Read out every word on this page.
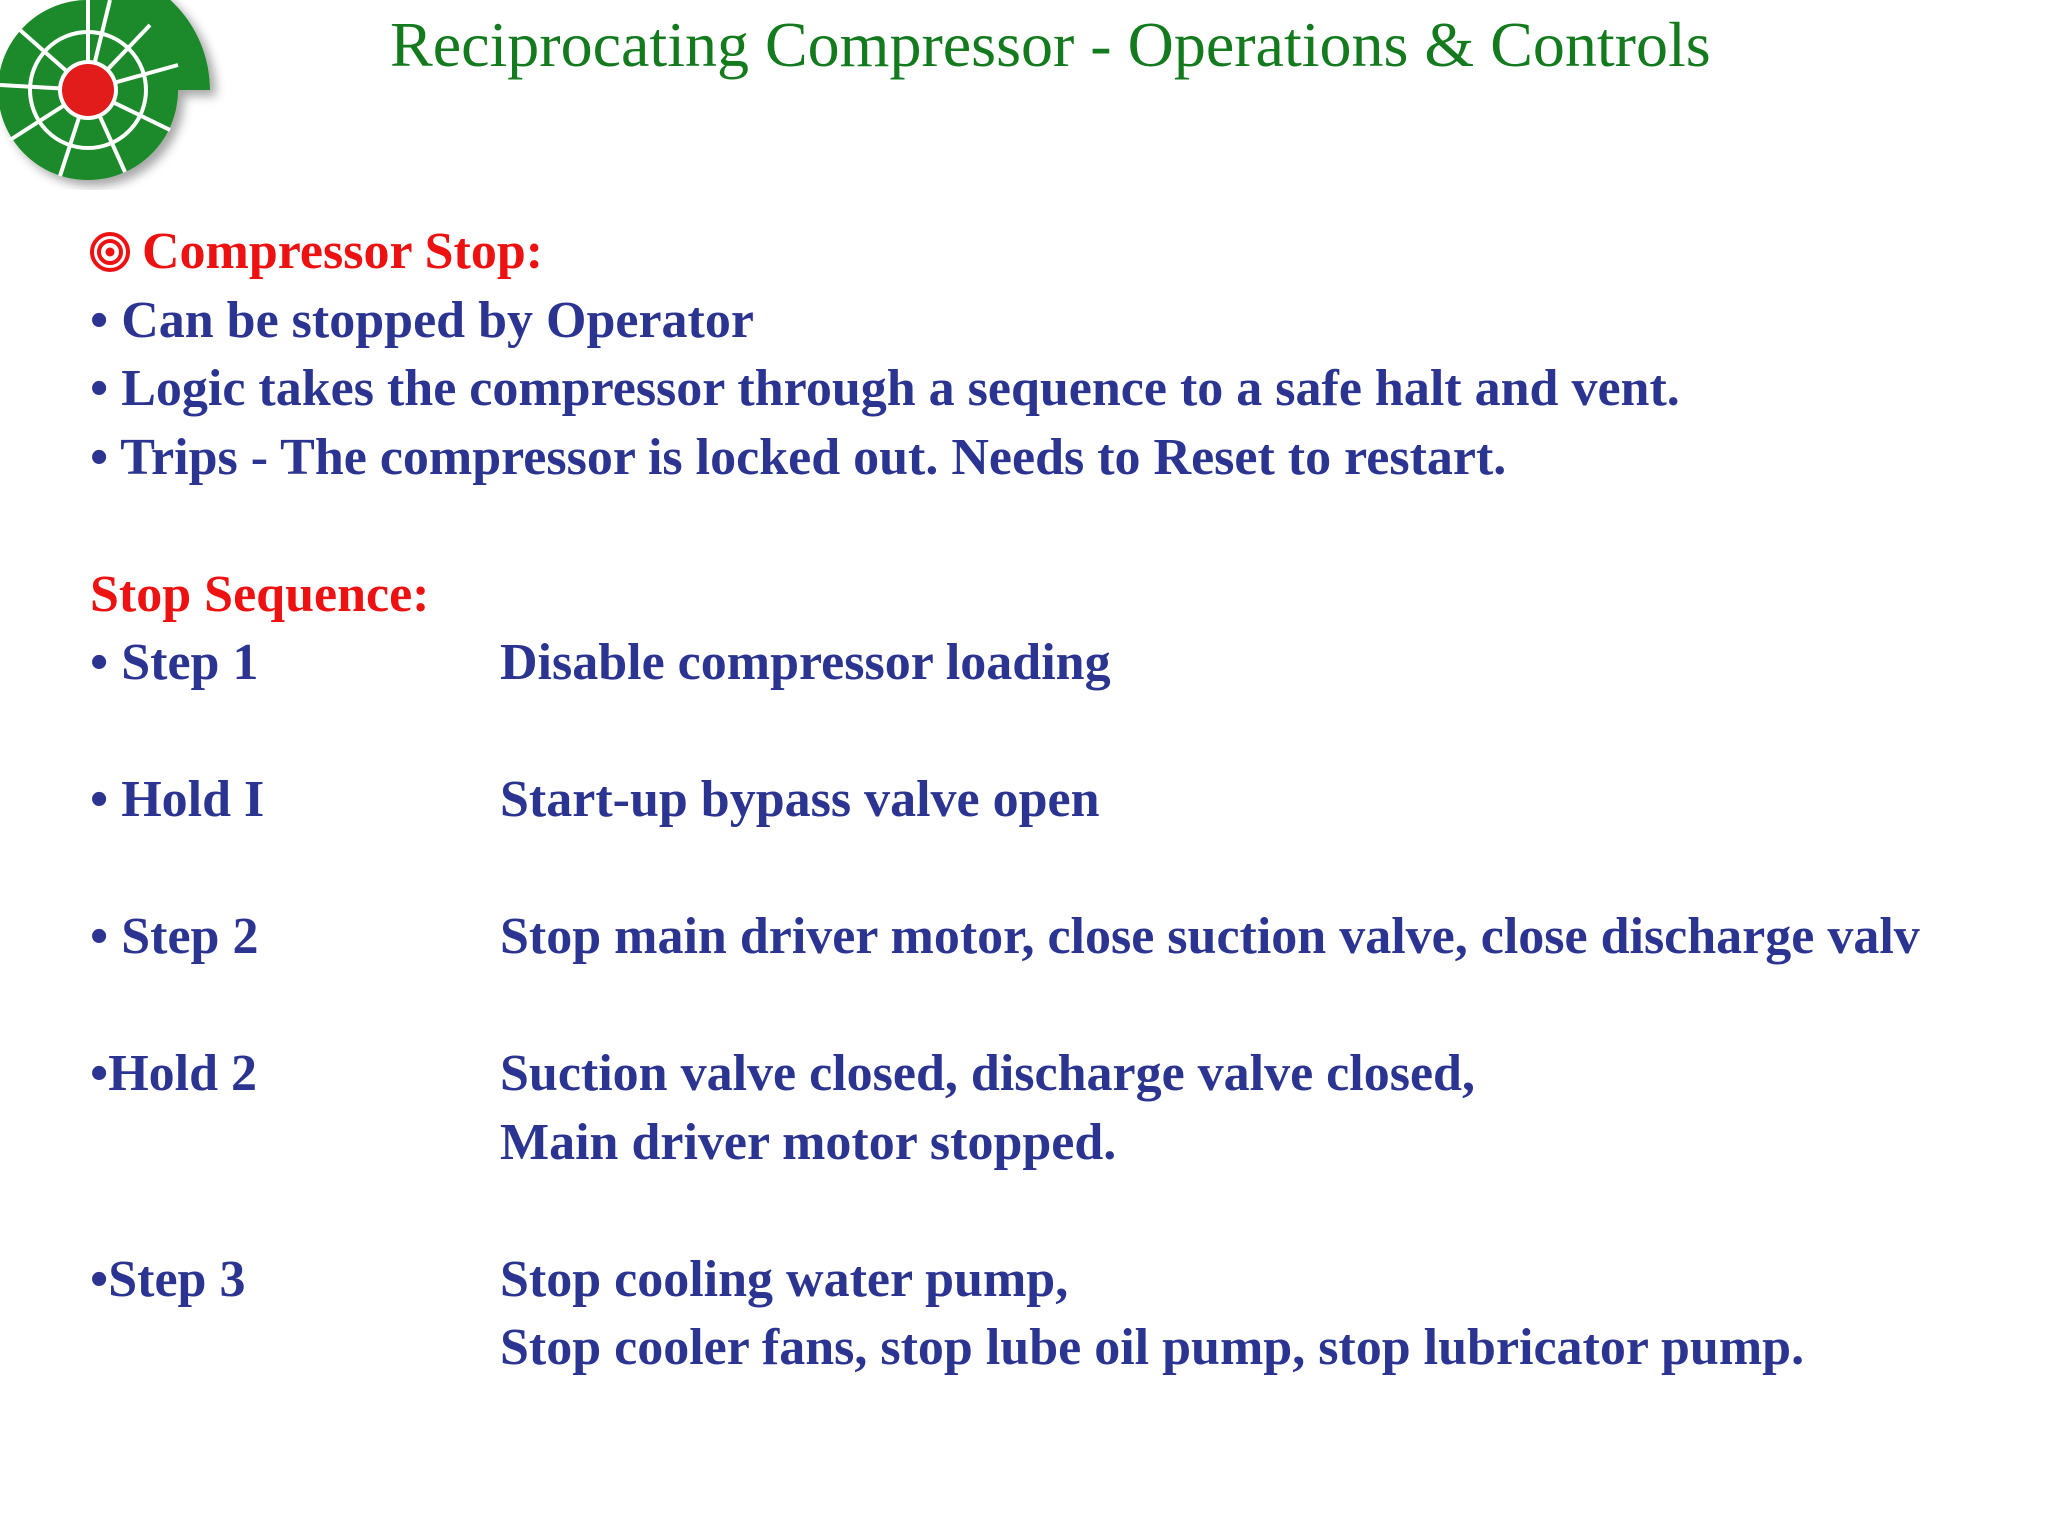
Reciprocating Compressor - Operations & Controls
Compressor Stop:
• Can be stopped by Operator
• Logic takes the compressor through a sequence to a safe halt and vent.
• Trips - The compressor is locked out. Needs to Reset to restart.
Stop Sequence:
• Step 1	Disable compressor loading
• Hold I	Start-up bypass valve open
• Step 2	Stop main driver motor, close suction valve, close discharge valv
•Hold 2	Suction valve closed, discharge valve closed,
Main driver motor stopped.
•Step 3	Stop cooling water pump,
Stop cooler fans, stop lube oil pump, stop lubricator pump.
